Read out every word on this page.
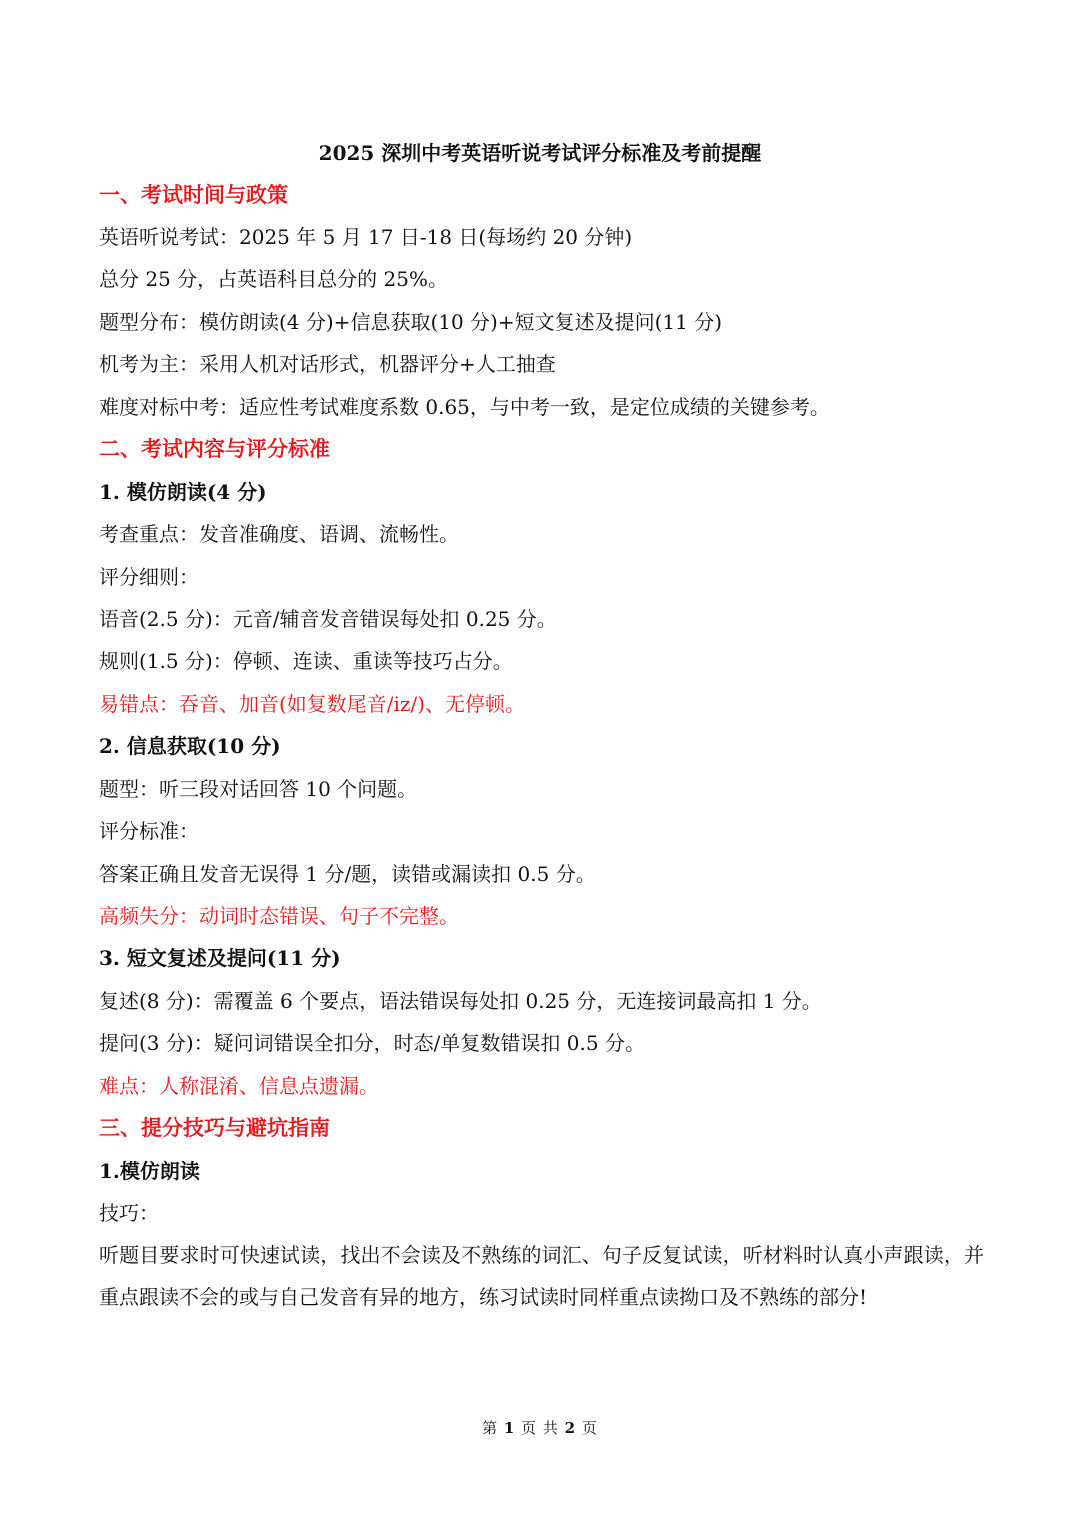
2025 深圳中考英语听说考试评分标准及考前提醒
一、考试时间与政策
英语听说考试：2025 年 5 月 17 日-18 日(每场约 20 分钟)
总分 25 分，占英语科目总分的 25%。
题型分布：模仿朗读(4 分)+信息获取(10 分)+短文复述及提问(11 分)
机考为主：采用人机对话形式，机器评分+人工抽查
难度对标中考：适应性考试难度系数 0.65，与中考一致，是定位成绩的关键参考。
二、考试内容与评分标准
1. 模仿朗读(4 分)
考查重点：发音准确度、语调、流畅性。
评分细则：
语音(2.5 分)：元音/辅音发音错误每处扣 0.25 分。
规则(1.5 分)：停顿、连读、重读等技巧占分。
易错点：吞音、加音(如复数尾音/iz/)、无停顿。
2. 信息获取(10 分)
题型：听三段对话回答 10 个问题。
评分标准：
答案正确且发音无误得 1 分/题，读错或漏读扣 0.5 分。
高频失分：动词时态错误、句子不完整。
3. 短文复述及提问(11 分)
复述(8 分)：需覆盖 6 个要点，语法错误每处扣 0.25 分，无连接词最高扣 1 分。
提问(3 分)：疑问词错误全扣分，时态/单复数错误扣 0.5 分。
难点：人称混淆、信息点遗漏。
三、提分技巧与避坑指南
1.模仿朗读
技巧：
听题目要求时可快速试读，找出不会读及不熟练的词汇、句子反复试读，听材料时认真小声跟读，并重点跟读不会的或与自己发音有异的地方，练习试读时同样重点读拗口及不熟练的部分!
第 1 页 共 2 页
